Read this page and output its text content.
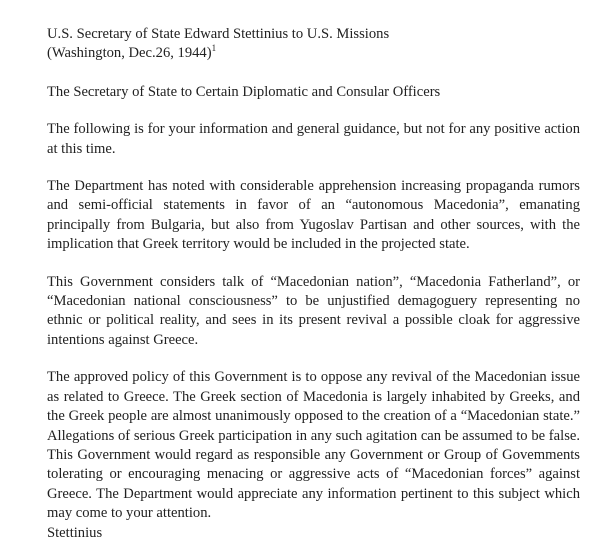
U.S. Secretary of State Edward Stettinius to U.S. Missions
(Washington, Dec.26, 1944)$^1$

The Secretary of State to Certain Diplomatic and Consular Officers

The following is for your information and general guidance, but not for any positive action at this time.

The Department has noted with considerable apprehension increasing propaganda rumors and semi-official statements in favor of an “autonomous Macedonia”, emanating principally from Bulgaria, but also from Yugoslav Partisan and other sources, with the implication that Greek territory would be included in the projected state.

This Government considers talk of “Macedonian nation”, “Macedonia Fatherland”, or “Macedonian national consciousness” to be unjustified demagoguery representing no ethnic or political reality, and sees in its present revival a possible cloak for aggressive intentions against Greece.

The approved policy of this Government is to oppose any revival of the Macedonian issue as related to Greece. The Greek section of Macedonia is largely inhabited by Greeks, and the Greek people are almost unanimously opposed to the creation of a “Macedonian state.” Allegations of serious Greek participation in any such agitation can be assumed to be false. This Government would regard as responsible any Government or Group of Govemments tolerating or encouraging menacing or aggressive acts of “Macedonian forces” against Greece. The Department would appreciate any information pertinent to this subject which may come to your attention.

Stettinius
